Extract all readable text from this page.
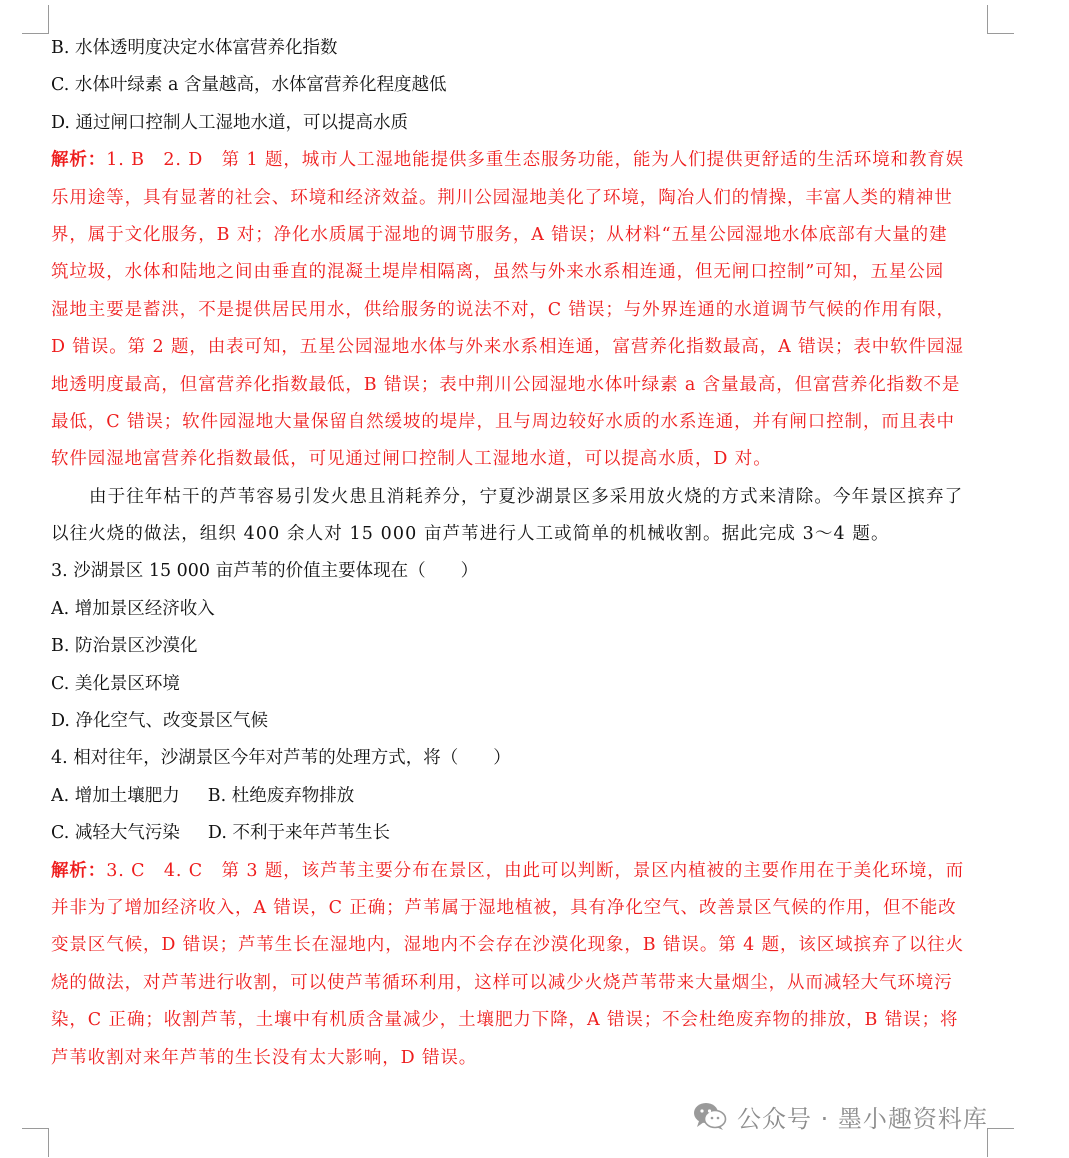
B. 水体透明度决定水体富营养化指数
C. 水体叶绿素 a 含量越高，水体富营养化程度越低
D. 通过闸口控制人工湿地水道，可以提高水质
解析：1. B　2. D　第 1 题，城市人工湿地能提供多重生态服务功能，能为人们提供更舒适的生活环境和教育娱
乐用途等，具有显著的社会、环境和经济效益。荆川公园湿地美化了环境，陶冶人们的情操，丰富人类的精神世
界，属于文化服务，B 对；净化水质属于湿地的调节服务，A 错误；从材料“五星公园湿地水体底部有大量的建
筑垃圾，水体和陆地之间由垂直的混凝土堤岸相隔离，虽然与外来水系相连通，但无闸口控制”可知，五星公园
湿地主要是蓄洪，不是提供居民用水，供给服务的说法不对，C 错误；与外界连通的水道调节气候的作用有限，
D 错误。第 2 题，由表可知，五星公园湿地水体与外来水系相连通，富营养化指数最高，A 错误；表中软件园湿
地透明度最高，但富营养化指数最低，B 错误；表中荆川公园湿地水体叶绿素 a 含量最高，但富营养化指数不是
最低，C 错误；软件园湿地大量保留自然缓坡的堤岸，且与周边较好水质的水系连通，并有闸口控制，而且表中
软件园湿地富营养化指数最低，可见通过闸口控制人工湿地水道，可以提高水质，D 对。
由于往年枯干的芦苇容易引发火患且消耗养分，宁夏沙湖景区多采用放火烧的方式来清除。今年景区摈弃了
以往火烧的做法，组织 400 余人对 15 000 亩芦苇进行人工或简单的机械收割。据此完成 3～4 题。
3. 沙湖景区 15 000 亩芦苇的价值主要体现在（　　）
A. 增加景区经济收入
B. 防治景区沙漠化
C. 美化景区环境
D. 净化空气、改变景区气候
4. 相对往年，沙湖景区今年对芦苇的处理方式，将（　　）
A. 增加土壤肥力 B. 杜绝废弃物排放
C. 减轻大气污染 D. 不利于来年芦苇生长
解析：3. C　4. C　第 3 题，该芦苇主要分布在景区，由此可以判断，景区内植被的主要作用在于美化环境，而
并非为了增加经济收入，A 错误，C 正确；芦苇属于湿地植被，具有净化空气、改善景区气候的作用，但不能改
变景区气候，D 错误；芦苇生长在湿地内，湿地内不会存在沙漠化现象，B 错误。第 4 题，该区域摈弃了以往火
烧的做法，对芦苇进行收割，可以使芦苇循环利用，这样可以减少火烧芦苇带来大量烟尘，从而减轻大气环境污
染，C 正确；收割芦苇，土壤中有机质含量减少，土壤肥力下降，A 错误；不会杜绝废弃物的排放，B 错误；将
芦苇收割对来年芦苇的生长没有太大影响，D 错误。
公众号 · 墨小趣资料库
